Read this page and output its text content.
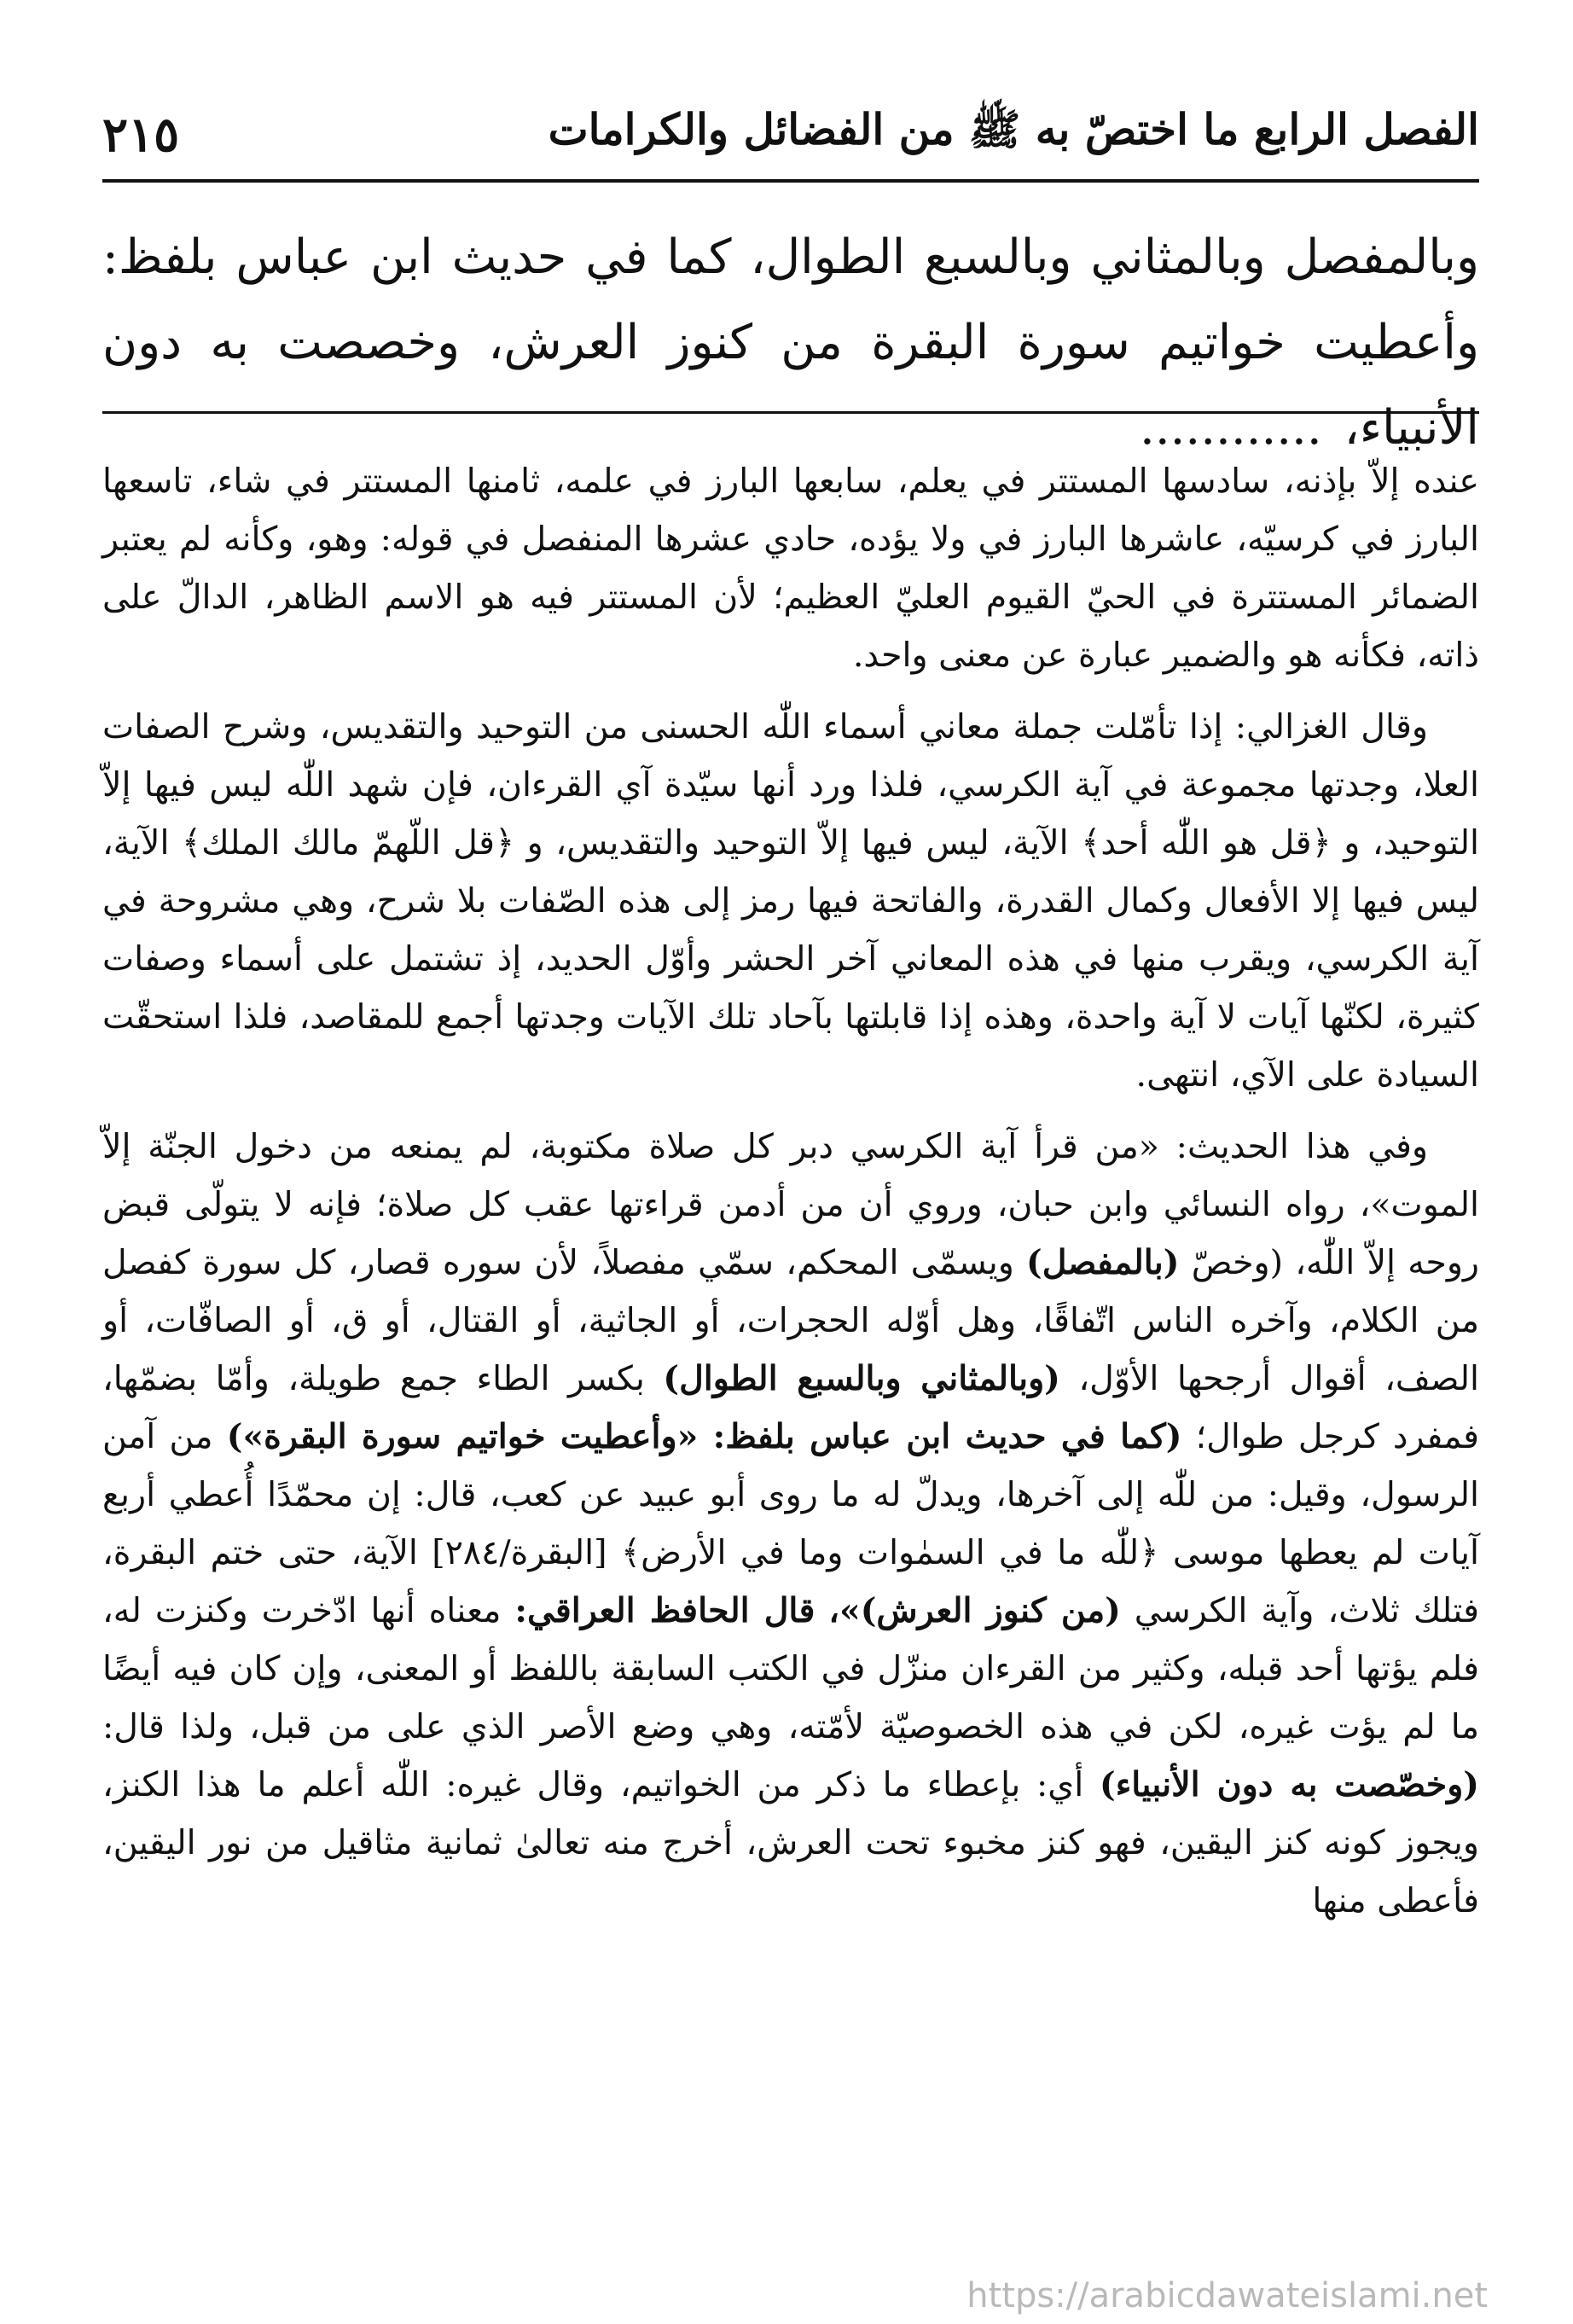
٢١٥	الفصل الرابع ما اختصّ به ﷺ من الفضائل والكرامات
وبالمفصل وبالمثاني وبالسبع الطوال، كما في حديث ابن عباس بلفظ: وأعطيت خواتيم سورة البقرة من كنوز العرش، وخصصت به دون الأنبياء،............

عنده إلاّ بإذنه، سادسها المستتر في يعلم، سابعها البارز في علمه، ثامنها المستتر في شاء، تاسعها البارز في كرسيّه، عاشرها البارز في ولا يؤده، حادي عشرها المنفصل في قوله: وهو، وكأنه لم يعتبر الضمائر المستترة في الحيّ القيوم العليّ العظيم؛ لأن المستتر فيه هو الاسم الظاهر، الدالّ على ذاته، فكأنه هو والضمير عبارة عن معنى واحد.

وقال الغزالي: إذا تأمّلت جملة معاني أسماء اللّٰه الحسنى من التوحيد والتقديس، وشرح الصفات العلا، وجدتها مجموعة في آية الكرسي، فلذا ورد أنها سيّدة آي القرءان، فإن شهد اللّٰه ليس فيها إلاّ التوحيد، و ﴿قل هو اللّٰه أحد﴾ الآية، ليس فيها إلاّ التوحيد والتقديس، و ﴿قل اللّهمّ مالك الملك﴾ الآية، ليس فيها إلا الأفعال وكمال القدرة، والفاتحة فيها رمز إلى هذه الصّفات بلا شرح، وهي مشروحة في آية الكرسي، ويقرب منها في هذه المعاني آخر الحشر وأوّل الحديد، إذ تشتمل على أسماء وصفات كثيرة، لكنّها آيات لا آية واحدة، وهذه إذا قابلتها بآحاد تلك الآيات وجدتها أجمع للمقاصد، فلذا استحقّت السيادة على الآي، انتهى.

وفي هذا الحديث: «من قرأ آية الكرسي دبر كل صلاة مكتوبة، لم يمنعه من دخول الجنّة إلاّ الموت»، رواه النسائي وابن حبان، وروي أن من أدمن قراءتها عقب كل صلاة؛ فإنه لا يتولّى قبض روحه إلاّ اللّٰه، (وخصّ (بالمفصل) ويسمّى المحكم، سمّي مفصلاً، لأن سوره قصار، كل سورة كفصل من الكلام، وآخره الناس اتّفاقًا، وهل أوّله الحجرات، أو الجاثية، أو القتال، أو ق، أو الصافّات، أو الصف، أقوال أرجحها الأوّل، (وبالمثاني وبالسبع الطوال) بكسر الطاء جمع طويلة، وأمّا بضمّها، فمفرد كرجل طوال؛ (كما في حديث ابن عباس بلفظ: «وأعطيت خواتيم سورة البقرة») من آمن الرسول، وقيل: من للّٰه إلى آخرها، ويدلّ له ما روى أبو عبيد عن كعب، قال: إن محمّدًا أُعطي أربع آيات لم يعطها موسى ﴿للّٰه ما في السمٰوات وما في الأرض﴾ [البقرة/٢٨٤] الآية، حتى ختم البقرة، فتلك ثلاث، وآية الكرسي (من كنوز العرش)»، قال الحافظ العراقي: معناه أنها ادّخرت وكنزت له، فلم يؤتها أحد قبله، وكثير من القرءان منزّل في الكتب السابقة باللفظ أو المعنى، وإن كان فيه أيضًا ما لم يؤت غيره، لكن في هذه الخصوصيّة لأمّته، وهي وضع الأصر الذي على من قبل، ولذا قال: (وخصّصت به دون الأنبياء) أي: بإعطاء ما ذكر من الخواتيم، وقال غيره: اللّٰه أعلم ما هذا الكنز، ويجوز كونه كنز اليقين، فهو كنز مخبوء تحت العرش، أخرج منه تعالىٰ ثمانية مثاقيل من نور اليقين، فأعطى منها

https://arabicdawateislami.net
